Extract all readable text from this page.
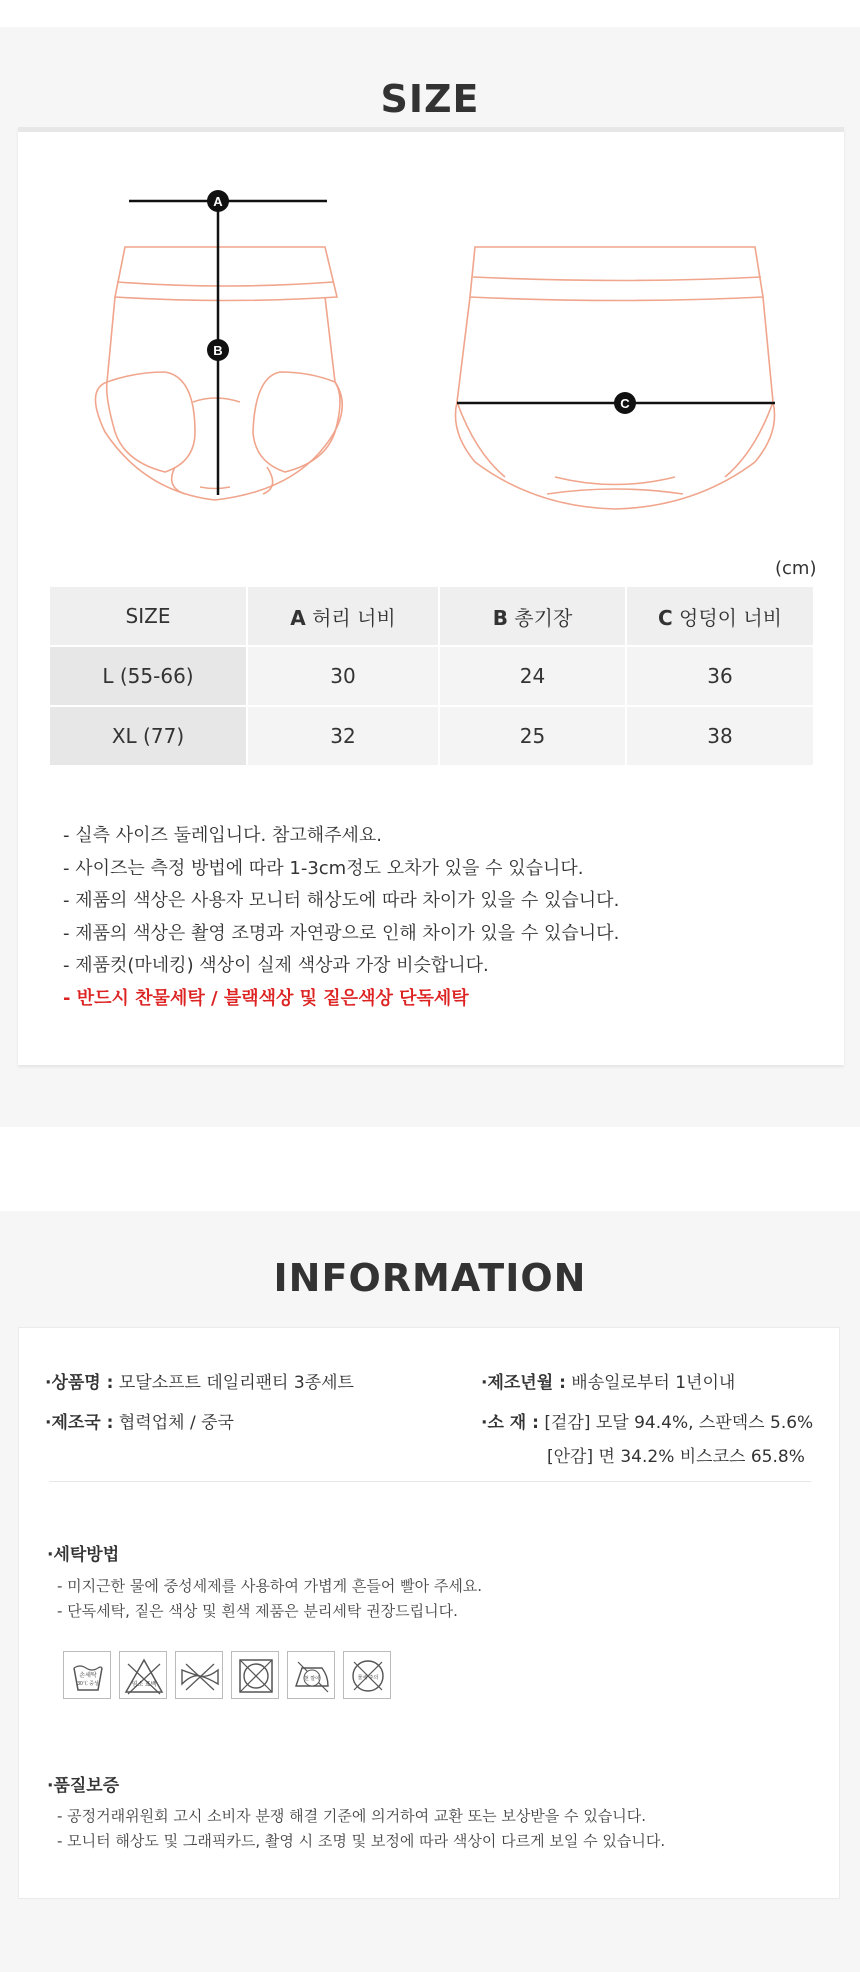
SIZE
A
B
C
(cm)
SIZE	A 허리 너비	B 총기장	C 엉덩이 너비
L (55-66)	30	24	36
XL (77)	32	25	38
- 실측 사이즈 둘레입니다. 참고해주세요.
- 사이즈는 측정 방법에 따라 1-3cm정도 오차가 있을 수 있습니다.
- 제품의 색상은 사용자 모니터 해상도에 따라 차이가 있을 수 있습니다.
- 제품의 색상은 촬영 조명과 자연광으로 인해 차이가 있을 수 있습니다.
- 제품컷(마네킹) 색상이 실제 색상과 가장 비슷합니다.
- 반드시 찬물세탁 / 블랙색상 및 짙은색상 단독세탁
INFORMATION
·상품명 : 모달소프트 데일리팬티 3종세트	·제조년월 : 배송일로부터 1년이내
·제조국 : 협력업체 / 중국	·소 재 : [겉감] 모달 94.4%, 스판덱스 5.6%
[안감] 면 34.2% 비스코스 65.8%
·세탁방법
- 미지근한 물에 중성세제를 사용하여 가볍게 흔들어 빨아 주세요.
- 단독세탁, 짙은 색상 및 흰색 제품은 분리세탁 권장드립니다.
손세탁
30℃ 중성	염소 표백
천 깔아	물세 주의
·품질보증
- 공정거래위원회 고시 소비자 분쟁 해결 기준에 의거하여 교환 또는 보상받을 수 있습니다.
- 모니터 해상도 및 그래픽카드, 촬영 시 조명 및 보정에 따라 색상이 다르게 보일 수 있습니다.
